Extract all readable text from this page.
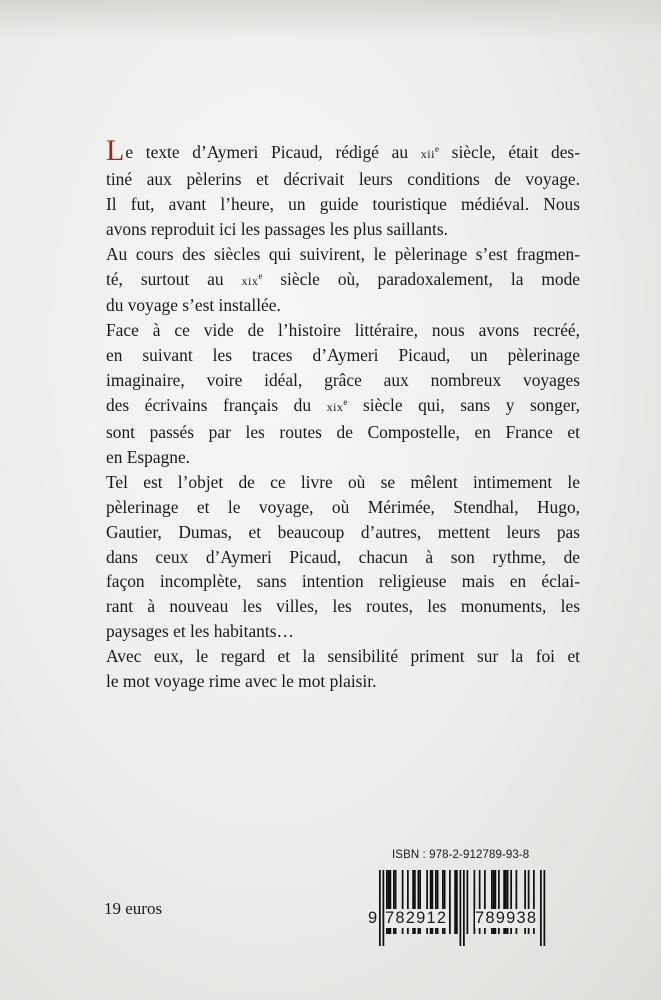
Le texte d’Aymeri Picaud, rédigé au xii$^e$ siècle, était des-
tiné aux pèlerins et décrivait leurs conditions de voyage.
Il fut, avant l’heure, un guide touristique médiéval. Nous
avons reproduit ici les passages les plus saillants.

Au cours des siècles qui suivirent, le pèlerinage s’est fragmen-
té, surtout au xix$^e$ siècle où, paradoxalement, la mode
du voyage s’est installée.

Face à ce vide de l’histoire littéraire, nous avons recréé,
en suivant les traces d’Aymeri Picaud, un pèlerinage
imaginaire, voire idéal, grâce aux nombreux voyages
des écrivains français du xix$^e$ siècle qui, sans y songer,
sont passés par les routes de Compostelle, en France et
en Espagne.

Tel est l’objet de ce livre où se mêlent intimement le
pèlerinage et le voyage, où Mérimée, Stendhal, Hugo,
Gautier, Dumas, et beaucoup d’autres, mettent leurs pas
dans ceux d’Aymeri Picaud, chacun à son rythme, de
façon incomplète, sans intention religieuse mais en éclai-
rant à nouveau les villes, les routes, les monuments, les
paysages et les habitants…

Avec eux, le regard et la sensibilité priment sur la foi et
le mot voyage rime avec le mot plaisir.

ISBN : 978-2-912789-93-8
9 782912 789938
19 euros
